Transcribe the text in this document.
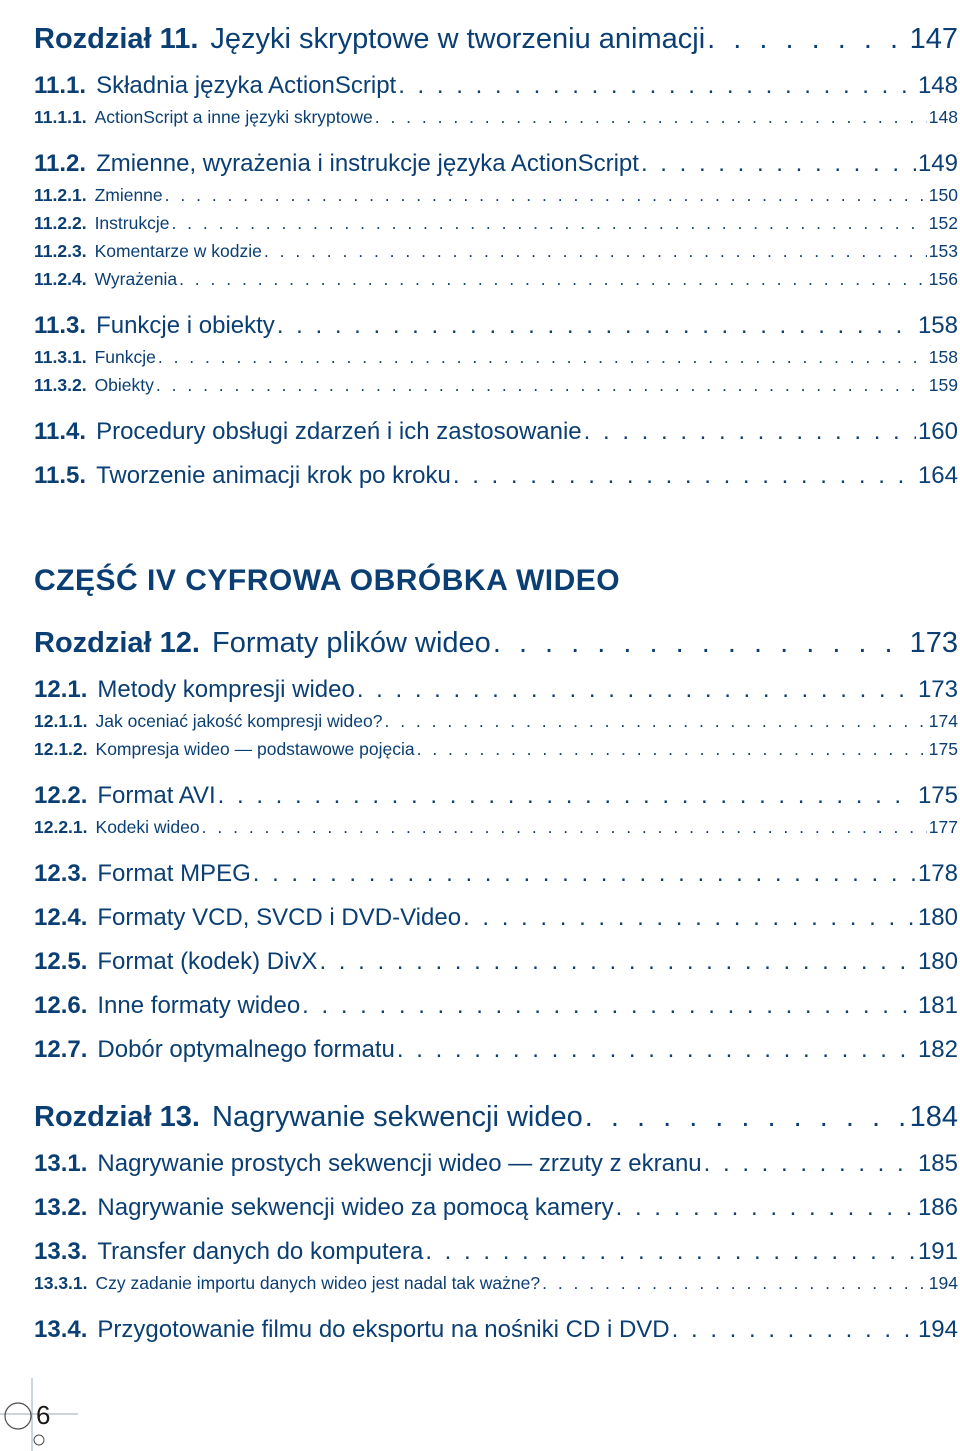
Rozdział 11. Języki skryptowe w tworzeniu animacji . . .	147
11.1. Składnia języka ActionScript . . .	148
11.1.1. ActionScript a inne języki skryptowe . . .	148
11.2. Zmienne, wyrażenia i instrukcje języka ActionScript . . .	149
11.2.1. Zmienne . . .	150
11.2.2. Instrukcje . . .	152
11.2.3. Komentarze w kodzie . . .	153
11.2.4. Wyrażenia . . .	156
11.3. Funkcje i obiekty . . .	158
11.3.1. Funkcje . . .	158
11.3.2. Obiekty . . .	159
11.4. Procedury obsługi zdarzeń i ich zastosowanie . . .	160
11.5. Tworzenie animacji krok po kroku . . .	164
CZĘŚĆ IV CYFROWA OBRÓBKA WIDEO
Rozdział 12. Formaty plików wideo . . .	173
12.1. Metody kompresji wideo . . .	173
12.1.1. Jak oceniać jakość kompresji wideo? . . .	174
12.1.2. Kompresja wideo — podstawowe pojęcia . . .	175
12.2. Format AVI . . .	175
12.2.1. Kodeki wideo . . .	177
12.3. Format MPEG . . .	178
12.4. Formaty VCD, SVCD i DVD-Video . . .	180
12.5. Format (kodek) DivX . . .	180
12.6. Inne formaty wideo . . .	181
12.7. Dobór optymalnego formatu . . .	182
Rozdział 13. Nagrywanie sekwencji wideo . . .	184
13.1. Nagrywanie prostych sekwencji wideo — zrzuty z ekranu . . .	185
13.2. Nagrywanie sekwencji wideo za pomocą kamery . . .	186
13.3. Transfer danych do komputera . . .	191
13.3.1. Czy zadanie importu danych wideo jest nadal tak ważne? . . .	194
13.4. Przygotowanie filmu do eksportu na nośniki CD i DVD . . .	194
6
